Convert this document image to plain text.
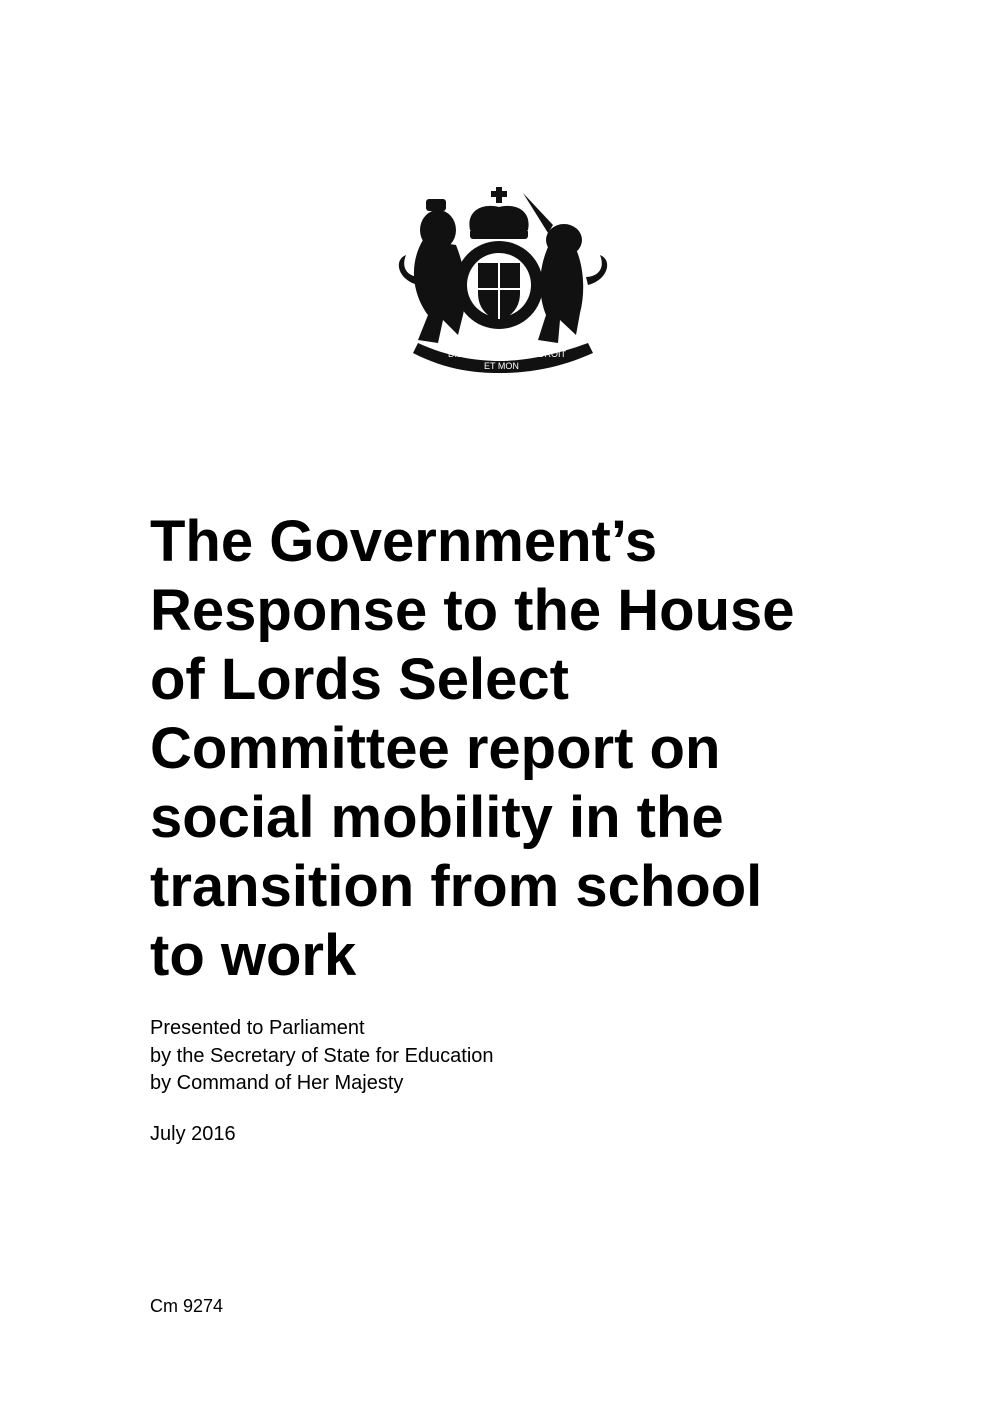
DIEU
ET MON
DROIT
The Government’s
Response to the House
of Lords Select
Committee report on
social mobility in the
transition from school
to work
Presented to Parliament
by the Secretary of State for Education
by Command of Her Majesty
July 2016
Cm 9274
